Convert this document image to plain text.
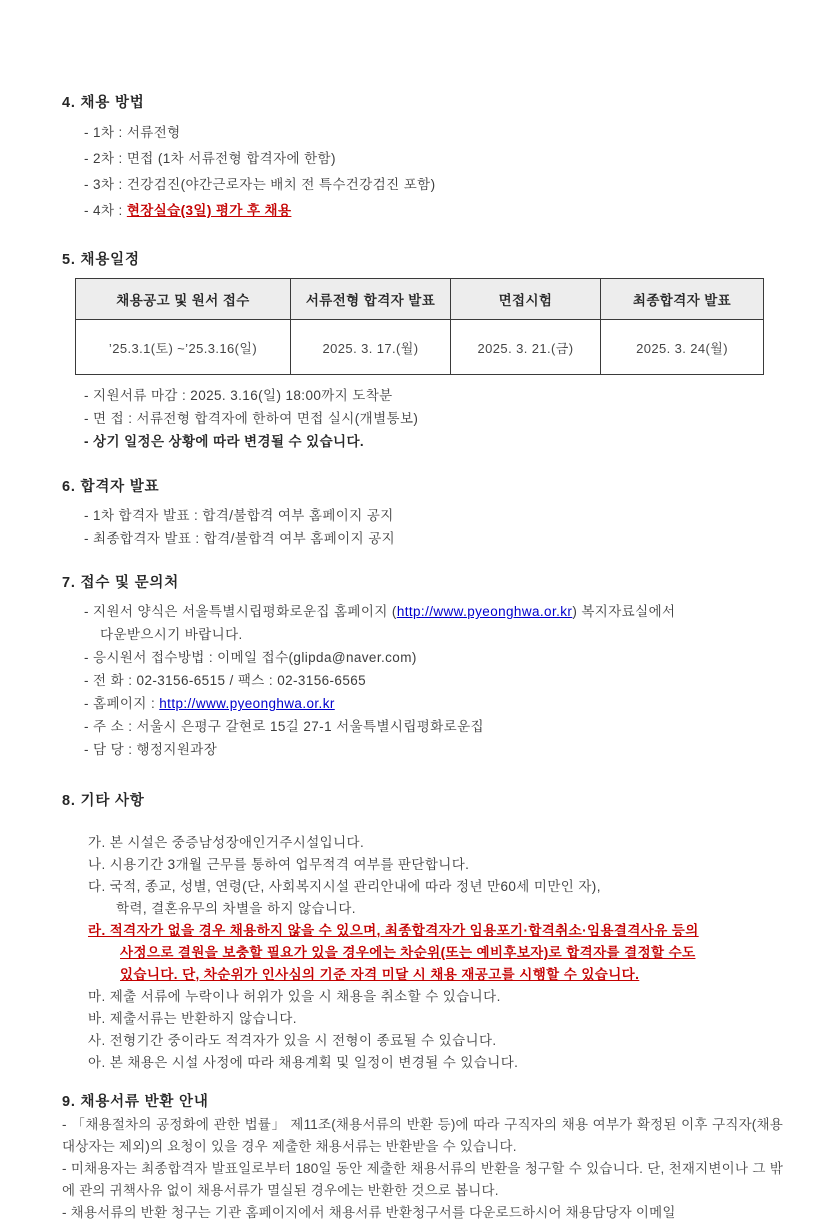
4. 채용 방법
- 1차 : 서류전형
- 2차 : 면접 (1차 서류전형 합격자에 한함)
- 3차 : 건강검진(야간근로자는 배치 전 특수건강검진 포함)
- 4차 : 현장실습(3일) 평가 후 채용
5. 채용일정
채용공고 및 원서 접수	서류전형 합격자 발표	면접시험	최종합격자 발표
’25.3.1(토) ~’25.3.16(일)	2025. 3. 17.(월)	2025. 3. 21.(금)	2025. 3. 24(월)
- 지원서류 마감 : 2025. 3.16(일) 18:00까지 도착분
- 면 접 : 서류전형 합격자에 한하여 면접 실시(개별통보)
- 상기 일정은 상황에 따라 변경될 수 있습니다.
6. 합격자 발표
- 1차 합격자 발표 : 합격/불합격 여부 홈페이지 공지
- 최종합격자 발표 : 합격/불합격 여부 홈페이지 공지
7. 접수 및 문의처
- 지원서 양식은 서울특별시립평화로운집 홈페이지 (http://www.pyeonghwa.or.kr) 복지자료실에서
다운받으시기 바랍니다.
- 응시원서 접수방법 : 이메일 접수(glipda@naver.com)
- 전 화 : 02-3156-6515 / 팩스 : 02-3156-6565
- 홈페이지 : http://www.pyeonghwa.or.kr
- 주 소 : 서울시 은평구 갈현로 15길 27-1 서울특별시립평화로운집
- 담 당 : 행정지원과장
8. 기타 사항
가. 본 시설은 중증남성장애인거주시설입니다.
나. 시용기간 3개월 근무를 통하여 업무적격 여부를 판단합니다.
다. 국적, 종교, 성별, 연령(단, 사회복지시설 관리안내에 따라 정년 만60세 미만인 자),
학력, 결혼유무의 차별을 하지 않습니다.
라. 적격자가 없을 경우 채용하지 않을 수 있으며, 최종합격자가 임용포기·합격취소·임용결격사유 등의
사정으로 결원을 보충할 필요가 있을 경우에는 차순위(또는 예비후보자)로 합격자를 결정할 수도
있습니다. 단, 차순위가 인사심의 기준 자격 미달 시 채용 재공고를 시행할 수 있습니다.
마. 제출 서류에 누락이나 허위가 있을 시 채용을 취소할 수 있습니다.
바. 제출서류는 반환하지 않습니다.
사. 전형기간 중이라도 적격자가 있을 시 전형이 종료될 수 있습니다.
아. 본 채용은 시설 사정에 따라 채용계획 및 일정이 변경될 수 있습니다.
9. 채용서류 반환 안내

- 「채용절차의 공정화에 관한 법률」 제11조(채용서류의 반환 등)에 따라 구직자의 채용 여부가 확정된 이후 구직자(채용대상자는 제외)의 요청이 있을 경우 제출한 채용서류는 반환받을 수 있습니다.

- 미채용자는 최종합격자 발표일로부터 180일 동안 제출한 채용서류의 반환을 청구할 수 있습니다. 단, 천재지변이나 그 밖에 관의 귀책사유 없이 채용서류가 멸실된 경우에는 반환한 것으로 봅니다.

- 채용서류의 반환 청구는 기관 홈페이지에서 채용서류 반환청구서를 다운로드하시어 채용담당자 이메일
